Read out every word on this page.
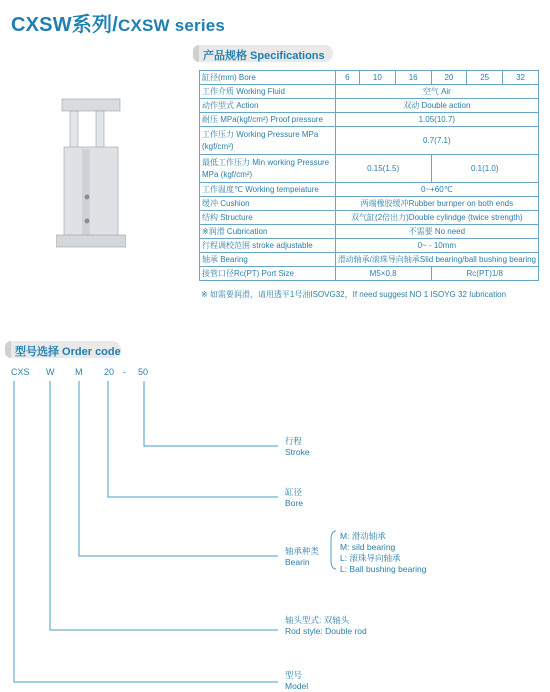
CXSW系列/CXSW series
产品规格 Specifications
缸径(mm) Bore	6	10	16	20	25	32
工作介质 Working Fluid	空气 Air					
动作型式 Action	双动 Double action					
耐压 MPa(kgf/cm²) Proof pressure	1.05(10.7)					
工作压力 Working Pressure MPa (kgf/cm²)	0.7(7.1)					
最低工作压力 Min working Pressure MPa (kgf/cm²)	0.15(1.5)			0.1(1.0)		
工作温度℃ Working tempeiature	0~+60℃					
缓冲 Cushion	两端橡胶缓冲Rubber burnper on both ends					
结构 Structure	双气缸(2倍出力)Double cylindge (twice strength)					
※润滑 Cubrication	不需要 No need					
行程调校范围 stroke adjustable	0~ - 10mm					
轴承 Bearing	滑动轴承/滚珠导向轴承Slid bearing/ball bushing bearing					
接管口径Rc(PT) Port Size	M5×0.8			Rc(PT)1/8		
※ 如需要润滑，请用透平1号油ISOVG32，If need suggest NO 1 ISOYG 32 Iubrication
型号选择 Order code
CXS W M 20 - 50
行程
Stroke
缸径
Bore
轴承种类
Bearin
M: 滑动轴承
M: sild bearing
L: 滚珠导向轴承
L: Ball bushing bearing
轴头型式: 双轴头
Rod style: Double rod
型号
Model
